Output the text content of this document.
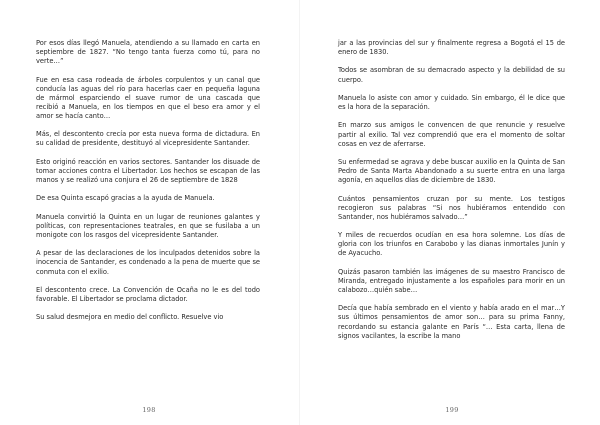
Por esos días llegó Manuela, atendiendo a su llamado en carta en septiembre de 1827. “No tengo tanta fuerza como tú, para no verte…”

Fue en esa casa rodeada de árboles corpulentos y un canal que conducía las aguas del río para hacerlas caer en pequeña laguna de mármol esparciendo el suave rumor de una cascada que recibió a Manuela, en los tiempos en que el beso era amor y el amor se hacía canto…

Más, el descontento crecía por esta nueva forma de dictadura. En su calidad de presidente, destituyó al vicepresidente Santander.

Esto originó reacción en varios sectores. Santander los disuade de tomar acciones contra el Libertador. Los hechos se escapan de las manos y se realizó una conjura el 26 de septiembre de 1828

De esa Quinta escapó gracias a la ayuda de Manuela.

Manuela convirtió la Quinta en un lugar de reuniones galantes y políticas, con representaciones teatrales, en que se fusilaba a un monigote con los rasgos del vicepresidente Santander.

A pesar de las declaraciones de los inculpados detenidos sobre la inocencia de Santander, es condenado a la pena de muerte que se conmuta con el exilio.

El descontento crece. La Convención de Ocaña no le es del todo favorable. El Libertador se proclama dictador.

Su salud desmejora en medio del conflicto. Resuelve vio

198

jar a las provincias del sur y finalmente regresa a Bogotá el 15 de enero de 1830.

Todos se asombran de su demacrado aspecto y la debilidad de su cuerpo.

Manuela lo asiste con amor y cuidado. Sin embargo, él le dice que es la hora de la separación.

En marzo sus amigos le convencen de que renuncie y resuelve partir al exilio. Tal vez comprendió que era el momento de soltar cosas en vez de aferrarse.

Su enfermedad se agrava y debe buscar auxilio en la Quinta de San Pedro de Santa Marta Abandonado a su suerte entra en una larga agonía, en aquellos días de diciembre de 1830.

Cuántos pensamientos cruzan por su mente. Los testigos recogieron sus palabras “Si nos hubiéramos entendido con Santander, nos hubiéramos salvado…”

Y miles de recuerdos ocudían en esa hora solemne. Los días de gloria con los triunfos en Carabobo y las dianas inmortales Junín y de Ayacucho.

Quizás pasaron también las imágenes de su maestro Francisco de Miranda, entregado injustamente a los españoles para morir en un calabozo…quién sabe…

Decía que había sembrado en el viento y había arado en el mar…Y sus últimos pensamientos de amor son… para su prima Fanny, recordando su estancia galante en París “… Esta carta, llena de signos vacilantes, la escribe la mano

199
